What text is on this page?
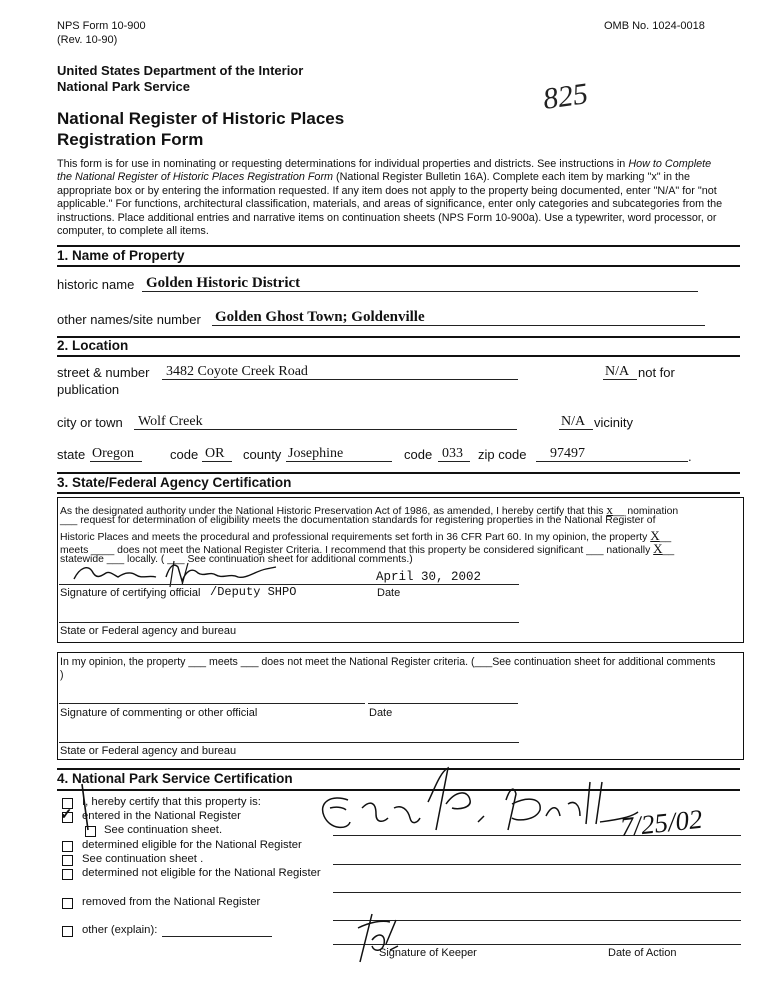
NPS Form 10-900
(Rev. 10-90)
OMB No. 1024-0018
United States Department of the Interior
National Park Service
National Register of Historic Places
Registration Form
825
This form is for use in nominating or requesting determinations for individual properties and districts. See instructions in How to Complete the National Register of Historic Places Registration Form (National Register Bulletin 16A). Complete each item by marking "x" in the appropriate box or by entering the information requested. If any item does not apply to the property being documented, enter "N/A" for "not applicable." For functions, architectural classification, materials, and areas of significance, enter only categories and subcategories from the instructions. Place additional entries and narrative items on continuation sheets (NPS Form 10-900a). Use a typewriter, word processor, or computer, to complete all items.
1. Name of Property
historic name Golden Historic District
other names/site number Golden Ghost Town; Goldenville
2. Location
street & number 3482 Coyote Creek Road	N/A not for
publication
city or town Wolf Creek	N/A vicinity
state Oregon	code OR county Josephine	code 033 zip code 97497	.
3. State/Federal Agency Certification
As the designated authority under the National Historic Preservation Act of 1986, as amended, I hereby certify that this x__ nomination
___ request for determination of eligibility meets the documentation standards for registering properties in the National Register of
Historic Places and meets the procedural and professional requirements set forth in 36 CFR Part 60. In my opinion, the property X__
meets ____ does not meet the National Register Criteria. I recommend that this property be considered significant ___ nationally X__
statewide ___ locally. ( ___ See continuation sheet for additional comments.)
April 30, 2002
Signature of certifying official /Deputy SHPO	Date
State or Federal agency and bureau
In my opinion, the property ___ meets ___ does not meet the National Register criteria. (___See continuation sheet for additional comments
)
Signature of commenting or other official	Date
State or Federal agency and bureau
4. National Park Service Certification
I, hereby certify that this property is:
✓ entered in the National Register
See continuation sheet.
determined eligible for the National Register
See continuation sheet .
determined not eligible for the National Register
removed from the National Register
other (explain):
Signature of Keeper	Date of Action
7/25/02
